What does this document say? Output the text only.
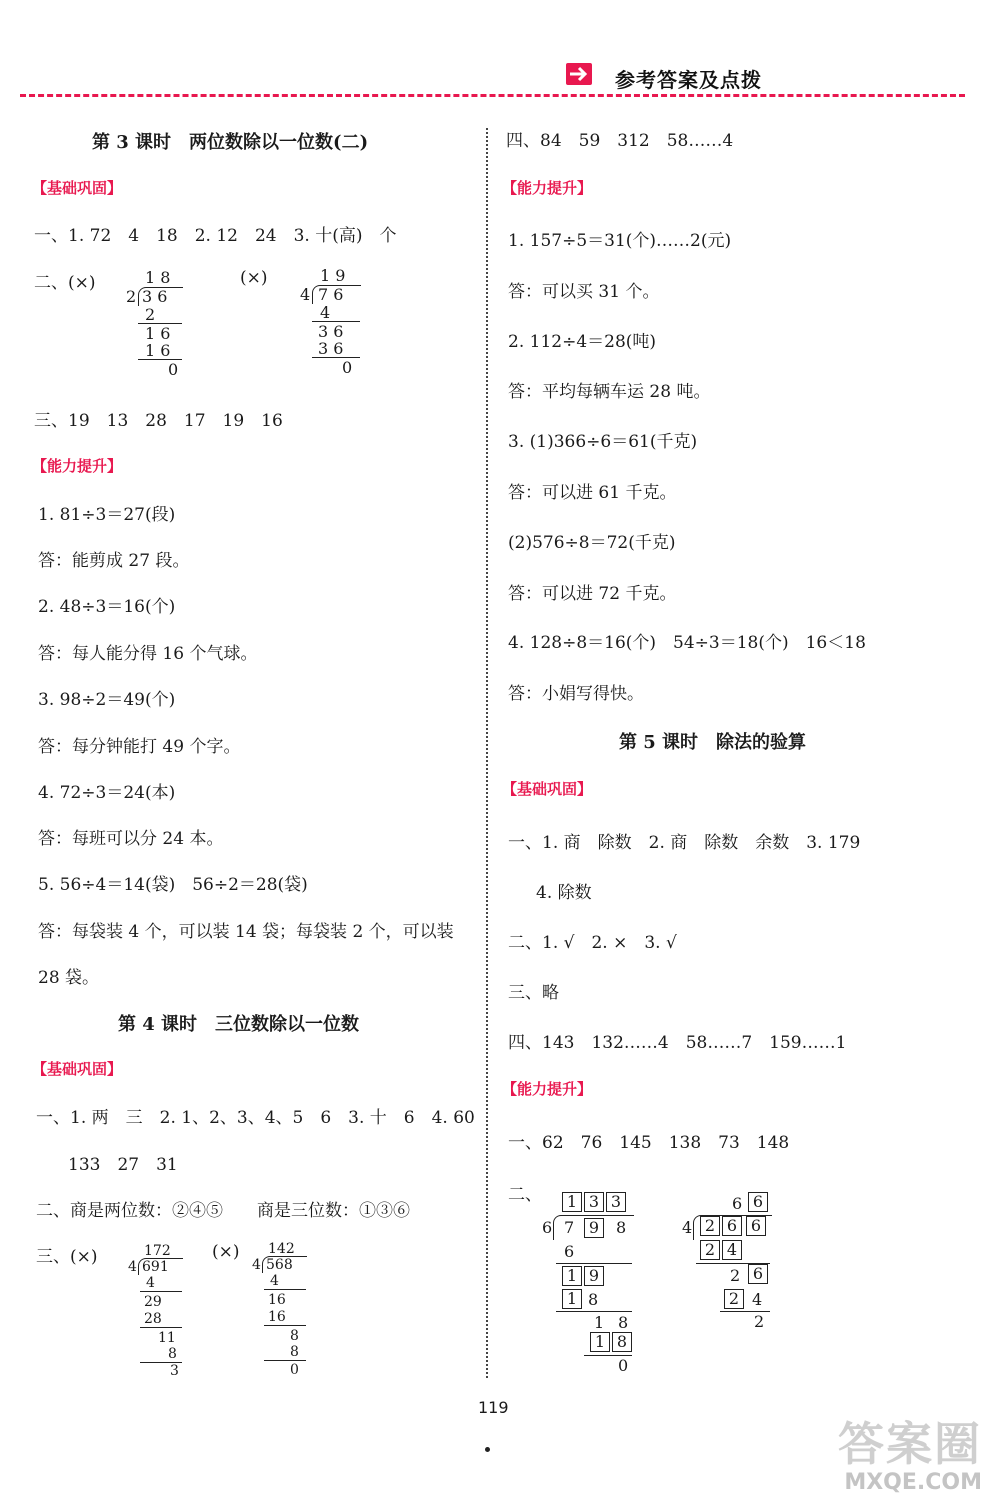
参考答案及点拨
第 3 课时　两位数除以一位数(二)
【基础巩固】
一、1. 72　4　18　2. 12　24　3. 十(高)　个
二、(×)	1 8
2 3 6
2
1 6
1 6
0
(×)	1 9
4 7 6
4
3 6
3 6
0
三、19　13　28　17　19　16
【能力提升】
1. 81÷3＝27(段)
答：能剪成 27 段。
2. 48÷3＝16(个)
答：每人能分得 16 个气球。
3. 98÷2＝49(个)
答：每分钟能打 49 个字。
4. 72÷3＝24(本)
答：每班可以分 24 本。
5. 56÷4＝14(袋)　56÷2＝28(袋)
答：每袋装 4 个，可以装 14 袋；每袋装 2 个，可以装
28 袋。
第 4 课时　三位数除以一位数
【基础巩固】
一、1. 两　三　2. 1、2、3、4、5　6　3. 十　6　4. 60
133　27　31
二、商是两位数：②④⑤　　商是三位数：①③⑥
三、(×)	172
4 691
4
29
28
11
8
3
(×) 142
4 568
4
16
16
8
8
0
四、84　59　312　58……4
【能力提升】
1. 157÷5＝31(个)……2(元)
答：可以买 31 个。
2. 112÷4＝28(吨)
答：平均每辆车运 28 吨。
3. (1)366÷6＝61(千克)
答：可以进 61 千克。
(2)576÷8＝72(千克)
答：可以进 72 千克。
4. 128÷8＝16(个)　54÷3＝18(个)　16＜18
答：小娟写得快。
第 5 课时　除法的验算
【基础巩固】
一、1. 商　除数　2. 商　除数　余数　3. 179
4. 除数
二、1. √　2. ×　3. √
三、略
四、143　132……4　58……7　159……1
【能力提升】
一、62　76　145　138　73　148
二、	1 3 3
6 7 9	8
6
1 9
1 8
1 8
1 8
0
6 6
4 2 6 6
2 4
2 6
2 4
2
119
答案圈
MXQE.COM
